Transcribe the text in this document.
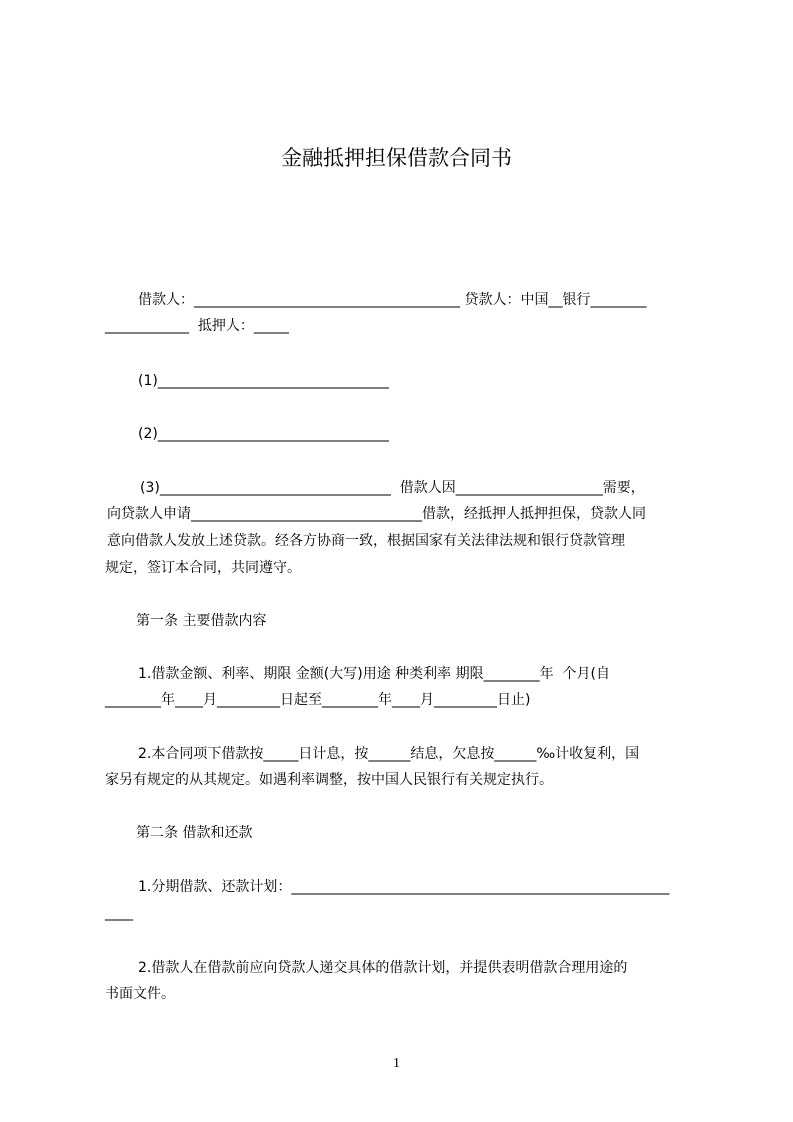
金融抵押担保借款合同书
借款人：______________________________________ 贷款人：中国__银行________
____________  抵押人：_____
(1)_________________________________
(2)_________________________________
(3)_________________________________  借款人因_____________________需要，
向贷款人申请_________________________________借款，经抵押人抵押担保，贷款人同
意向借款人发放上述贷款。经各方协商一致，根据国家有关法律法规和银行贷款管理
规定，签订本合同，共同遵守。
第一条 主要借款内容
1.借款金额、利率、期限 金额(大写)用途 种类利率 期限________年  个月(自
________年____月_________日起至________年____月_________日止)
2.本合同项下借款按_____日计息，按______结息，欠息按______‰计收复利，国
家另有规定的从其规定。如遇利率调整，按中国人民银行有关规定执行。
第二条 借款和还款
1.分期借款、还款计划：______________________________________________________
____
2.借款人在借款前应向贷款人递交具体的借款计划，并提供表明借款合理用途的
书面文件。
1
